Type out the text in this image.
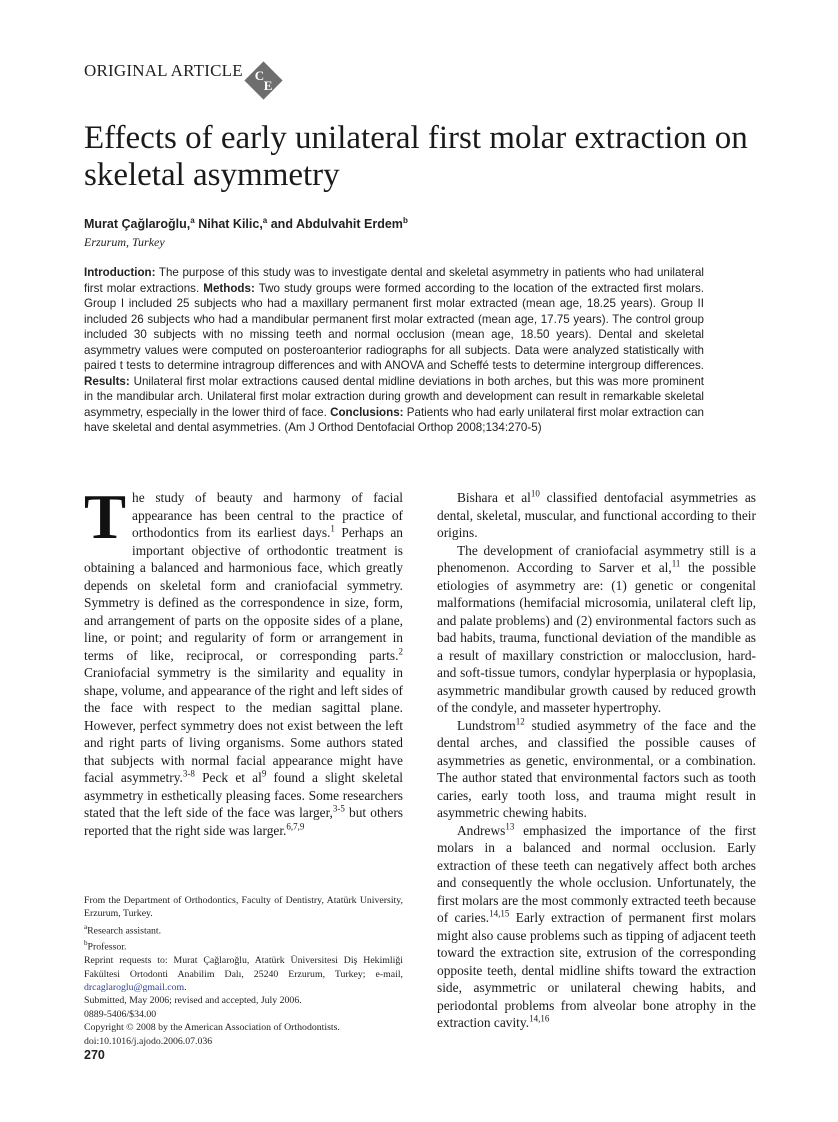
ORIGINAL ARTICLE C
E
Effects of early unilateral first molar extraction on skeletal asymmetry
Murat Çağlaroğlu,$^a$ Nihat Kilic,$^a$ and Abdulvahit Erdem$^b$
Erzurum, Turkey

Introduction: The purpose of this study was to investigate dental and skeletal asymmetry in patients who had unilateral first molar extractions. Methods: Two study groups were formed according to the location of the extracted first molars. Group I included 25 subjects who had a maxillary permanent first molar extracted (mean age, 18.25 years). Group II included 26 subjects who had a mandibular permanent first molar extracted (mean age, 17.75 years). The control group included 30 subjects with no missing teeth and normal occlusion (mean age, 18.50 years). Dental and skeletal asymmetry values were computed on posteroanterior radiographs for all subjects. Data were analyzed statistically with paired t tests to determine intragroup differences and with ANOVA and Scheffé tests to determine intergroup differences. Results: Unilateral first molar extractions caused dental midline deviations in both arches, but this was more prominent in the mandibular arch. Unilateral first molar extraction during growth and development can result in remarkable skeletal asymmetry, especially in the lower third of face. Conclusions: Patients who had early unilateral first molar extraction can have skeletal and dental asymmetries. (Am J Orthod Dentofacial Orthop 2008;134:270-5)

The study of beauty and harmony of facial appearance has been central to the practice of orthodontics from its earliest days.$^1$ Perhaps an important objective of orthodontic treatment is obtaining a balanced and harmonious face, which greatly depends on skeletal form and craniofacial symmetry. Symmetry is defined as the correspondence in size, form, and arrangement of parts on the opposite sides of a plane, line, or point; and regularity of form or arrangement in terms of like, reciprocal, or corresponding parts.$^2$ Craniofacial symmetry is the similarity and equality in shape, volume, and appearance of the right and left sides of the face with respect to the median sagittal plane. However, perfect symmetry does not exist between the left and right parts of living organisms. Some authors stated that subjects with normal facial appearance might have facial asymmetry.$^{3-8}$ Peck et al$^9$ found a slight skeletal asymmetry in esthetically pleasing faces. Some researchers stated that the left side of the face was larger,$^{3-5}$ but others reported that the right side was larger.$^{6,7,9}$

Bishara et al$^{10}$ classified dentofacial asymmetries as dental, skeletal, muscular, and functional according to their origins.

The development of craniofacial asymmetry still is a phenomenon. According to Sarver et al,$^{11}$ the possible etiologies of asymmetry are: (1) genetic or congenital malformations (hemifacial microsomia, unilateral cleft lip, and palate problems) and (2) environmental factors such as bad habits, trauma, functional deviation of the mandible as a result of maxillary constriction or malocclusion, hard- and soft-tissue tumors, condylar hyperplasia or hypoplasia, asymmetric mandibular growth caused by reduced growth of the condyle, and masseter hypertrophy.

Lundstrom$^{12}$ studied asymmetry of the face and the dental arches, and classified the possible causes of asymmetries as genetic, environmental, or a combination. The author stated that environmental factors such as tooth caries, early tooth loss, and trauma might result in asymmetric chewing habits.

Andrews$^{13}$ emphasized the importance of the first molars in a balanced and normal occlusion. Early extraction of these teeth can negatively affect both arches and consequently the whole occlusion. Unfortunately, the first molars are the most commonly extracted teeth because of caries.$^{14,15}$ Early extraction of permanent first molars might also cause problems such as tipping of adjacent teeth toward the extraction site, extrusion of the corresponding opposite teeth, dental midline shifts toward the extraction side, asymmetric or unilateral chewing habits, and periodontal problems from alveolar bone atrophy in the extraction cavity.$^{14,16}$

From the Department of Orthodontics, Faculty of Dentistry, Atatürk University, Erzurum, Turkey.

$^a$Research assistant.

$^b$Professor.

Reprint requests to: Murat Çağlaroğlu, Atatürk Üniversitesi Diş Hekimliği Fakültesi Ortodonti Anabilim Dalı, 25240 Erzurum, Turkey; e-mail, drcaglaroglu@gmail.com.

Submitted, May 2006; revised and accepted, July 2006.

0889-5406/$34.00

Copyright © 2008 by the American Association of Orthodontists.

doi:10.1016/j.ajodo.2006.07.036

270
